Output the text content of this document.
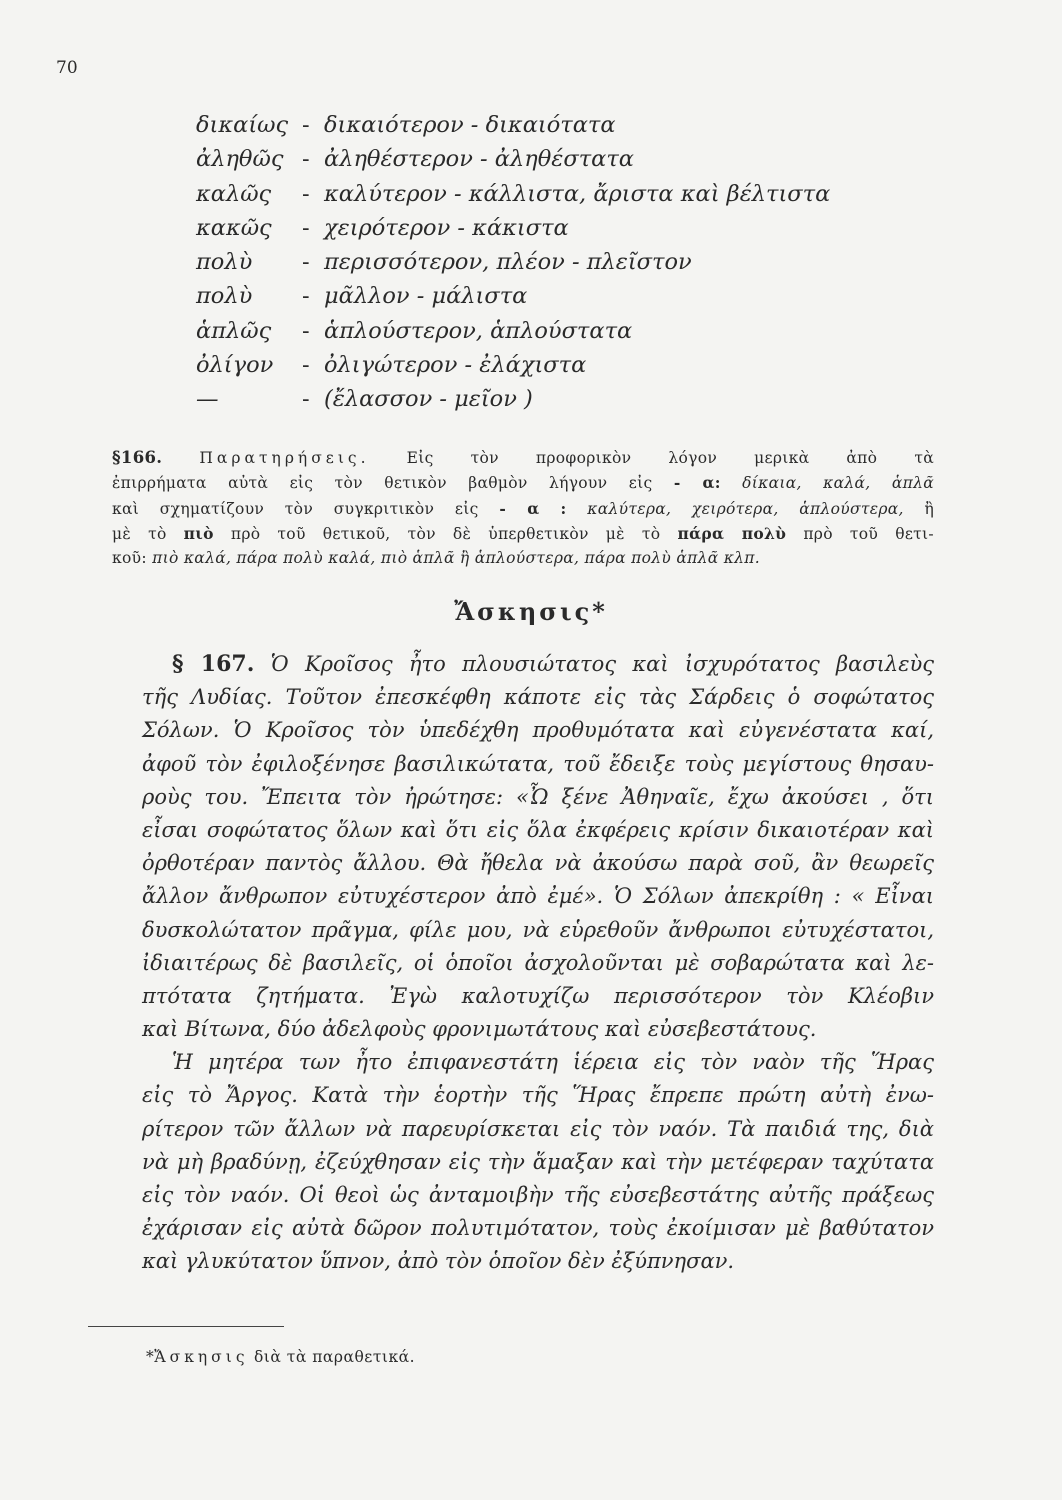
70
δικαίως - δικαιότερον - δικαιότατα
ἀληθῶς - ἀληθέστερον - ἀληθέστατα
καλῶς - καλύτερον - κάλλιστα, ἄριστα καὶ βέλτιστα
κακῶς - χειρότερον - κάκιστα
πολὺ - περισσότερον, πλέον - πλεῖστον
πολὺ - μᾶλλον - μάλιστα
ἁπλῶς - ἁπλούστερον, ἁπλούστατα
ὀλίγον - ὀλιγώτερον - ἐλάχιστα
—	- (ἔλασσον - μεῖον )
§166. Παρατηρήσεις. Εἰς τὸν προφορικὸν λόγον μερικὰ ἀπὸ τὰ
ἐπιρρήματα αὐτὰ εἰς τὸν θετικὸν βαθμὸν λήγουν εἰς - α: δίκαια, καλά, ἁπλᾶ
καὶ σχηματίζουν τὸν συγκριτικὸν εἰς - α : καλύτερα, χειρότερα, ἁπλούστερα, ἢ
μὲ τὸ πιὸ πρὸ τοῦ θετικοῦ, τὸν δὲ ὑπερθετικὸν μὲ τὸ πάρα πολὺ πρὸ τοῦ θετι-
κοῦ: πιὸ καλά, πάρα πολὺ καλά, πιὸ ἁπλᾶ ἢ ἁπλούστερα, πάρα πολὺ ἁπλᾶ κλπ.
Ἄσκησις*
§ 167. Ὁ Κροῖσος ἦτο πλουσιώτατος καὶ ἰσχυρότατος βασιλεὺς
τῆς Λυδίας. Τοῦτον ἐπεσκέφθη κάποτε εἰς τὰς Σάρδεις ὁ σοφώτατος
Σόλων. Ὁ Κροῖσος τὸν ὑπεδέχθη προθυμότατα καὶ εὐγενέστατα καί,
ἀφοῦ τὸν ἐφιλοξένησε βασιλικώτατα, τοῦ ἔδειξε τοὺς μεγίστους θησαυ-
ροὺς του. Ἔπειτα τὸν ἠρώτησε: «Ὦ ξένε Ἀθηναῖε, ἔχω ἀκούσει , ὅτι
εἶσαι σοφώτατος ὅλων καὶ ὅτι εἰς ὅλα ἐκφέρεις κρίσιν δικαιοτέραν καὶ
ὀρθοτέραν παντὸς ἄλλου. Θὰ ἤθελα νὰ ἀκούσω παρὰ σοῦ, ἂν θεωρεῖς
ἄλλον ἄνθρωπον εὐτυχέστερον ἀπὸ ἐμέ». Ὁ Σόλων ἀπεκρίθη : « Εἶναι
δυσκολώτατον πρᾶγμα, φίλε μου, νὰ εὑρεθοῦν ἄνθρωποι εὐτυχέστατοι,
ἰδιαιτέρως δὲ βασιλεῖς, οἱ ὁποῖοι ἀσχολοῦνται μὲ σοβαρώτατα καὶ λε-
πτότατα ζητήματα. Ἐγὼ καλοτυχίζω περισσότερον τὸν Κλέοβιν
καὶ Βίτωνα, δύο ἀδελφοὺς φρονιμωτάτους καὶ εὐσεβεστάτους.
Ἡ μητέρα των ἦτο ἐπιφανεστάτη ἱέρεια εἰς τὸν ναὸν τῆς Ἥρας
εἰς τὸ Ἄργος. Κατὰ τὴν ἑορτὴν τῆς Ἥρας ἔπρεπε πρώτη αὐτὴ ἐνω-
ρίτερον τῶν ἄλλων νὰ παρευρίσκεται εἰς τὸν ναόν. Τὰ παιδιά της, διὰ
νὰ μὴ βραδύνῃ, ἐζεύχθησαν εἰς τὴν ἅμαξαν καὶ τὴν μετέφεραν ταχύτατα
εἰς τὸν ναόν. Οἱ θεοὶ ὡς ἀνταμοιβὴν τῆς εὐσεβεστάτης αὐτῆς πράξεως
ἐχάρισαν εἰς αὐτὰ δῶρον πολυτιμότατον, τοὺς ἐκοίμισαν μὲ βαθύτατον
καὶ γλυκύτατον ὕπνον, ἀπὸ τὸν ὁποῖον δὲν ἐξύπνησαν.
*Ἄσκησις διὰ τὰ παραθετικά.
